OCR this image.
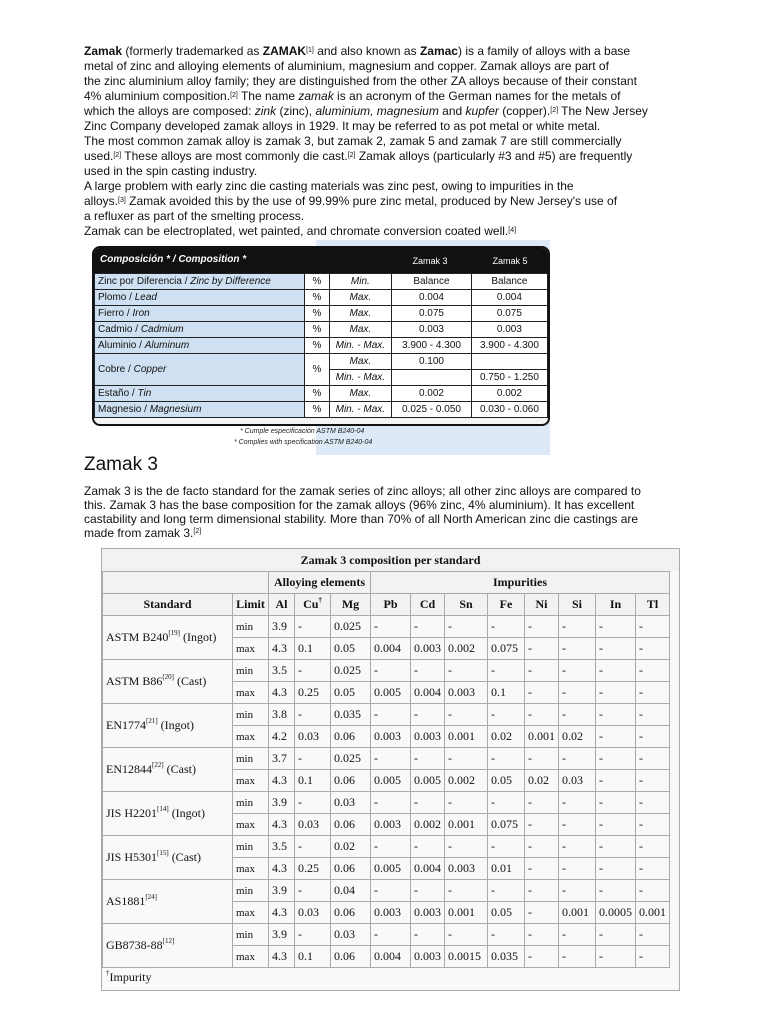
Zamak (formerly trademarked as ZAMAK[1] and also known as Zamac) is a family of alloys with a base
metal of zinc and alloying elements of aluminium, magnesium and copper. Zamak alloys are part of
the zinc aluminium alloy family; they are distinguished from the other ZA alloys because of their constant
4% aluminium composition.[2] The name zamak is an acronym of the German names for the metals of
which the alloys are composed: zink (zinc), aluminium, magnesium and kupfer (copper).[2] The New Jersey
Zinc Company developed zamak alloys in 1929. It may be referred to as pot metal or white metal.
The most common zamak alloy is zamak 3, but zamak 2, zamak 5 and zamak 7 are still commercially
used.[2] These alloys are most commonly die cast.[2] Zamak alloys (particularly #3 and #5) are frequently
used in the spin casting industry.
A large problem with early zinc die casting materials was zinc pest, owing to impurities in the
alloys.[3] Zamak avoided this by the use of 99.99% pure zinc metal, produced by New Jersey's use of
a refluxer as part of the smelting process.
Zamak can be electroplated, wet painted, and chromate conversion coated well.[4]
Composición * / Composition *	Zamak 3	Zamak 5
Zinc por Diferencia / Zinc by Difference	%	Min.	Balance	Balance
Plomo / Lead	%	Max.	0.004	0.004
Fierro / Iron	%	Max.	0.075	0.075
Cadmio / Cadmium	%	Max.	0.003	0.003
Aluminio / Aluminum	%	Min. - Max.	3.900 - 4.300	3.900 - 4.300
Cobre / Copper	%	Max.	0.100	
		Min. - Max.		0.750 - 1.250
Estaño / Tin	%	Max.	0.002	0.002
Magnesio / Magnesium	%	Min. - Max.	0.025 - 0.050	0.030 - 0.060
* Cumple especificación ASTM B240-04
* Complies with specification ASTM B240-04
Zamak 3
Zamak 3 is the de facto standard for the zamak series of zinc alloys; all other zinc alloys are compared to
this. Zamak 3 has the base composition for the zamak alloys (96% zinc, 4% aluminium). It has excellent
castability and long term dimensional stability. More than 70% of all North American zinc die castings are
made from zamak 3.[2]
Zamak 3 composition per standard
		Alloying elements			Impurities							
Standard	Limit	Al	Cu†	Mg	Pb	Cd	Sn	Fe	Ni	Si	In	Tl
ASTM B240[19] (Ingot)	min	3.9	-	0.025	-	-	-	-	-	-	-	-
	max	4.3	0.1	0.05	0.004	0.003	0.002	0.075	-	-	-	-
ASTM B86[20] (Cast)	min	3.5	-	0.025	-	-	-	-	-	-	-	-
	max	4.3	0.25	0.05	0.005	0.004	0.003	0.1	-	-	-	-
EN1774[21] (Ingot)	min	3.8	-	0.035	-	-	-	-	-	-	-	-
	max	4.2	0.03	0.06	0.003	0.003	0.001	0.02	0.001	0.02	-	-
EN12844[22] (Cast)	min	3.7	-	0.025	-	-	-	-	-	-	-	-
	max	4.3	0.1	0.06	0.005	0.005	0.002	0.05	0.02	0.03	-	-
JIS H2201[14] (Ingot)	min	3.9	-	0.03	-	-	-	-	-	-	-	-
	max	4.3	0.03	0.06	0.003	0.002	0.001	0.075	-	-	-	-
JIS H5301[15] (Cast)	min	3.5	-	0.02	-	-	-	-	-	-	-	-
	max	4.3	0.25	0.06	0.005	0.004	0.003	0.01	-	-	-	-
AS1881[24]	min	3.9	-	0.04	-	-	-	-	-	-	-	-
	max	4.3	0.03	0.06	0.003	0.003	0.001	0.05	-	0.001	0.0005	0.001
GB8738-88[12]	min	3.9	-	0.03	-	-	-	-	-	-	-	-
	max	4.3	0.1	0.06	0.004	0.003	0.0015	0.035	-	-	-	-
†Impurity
